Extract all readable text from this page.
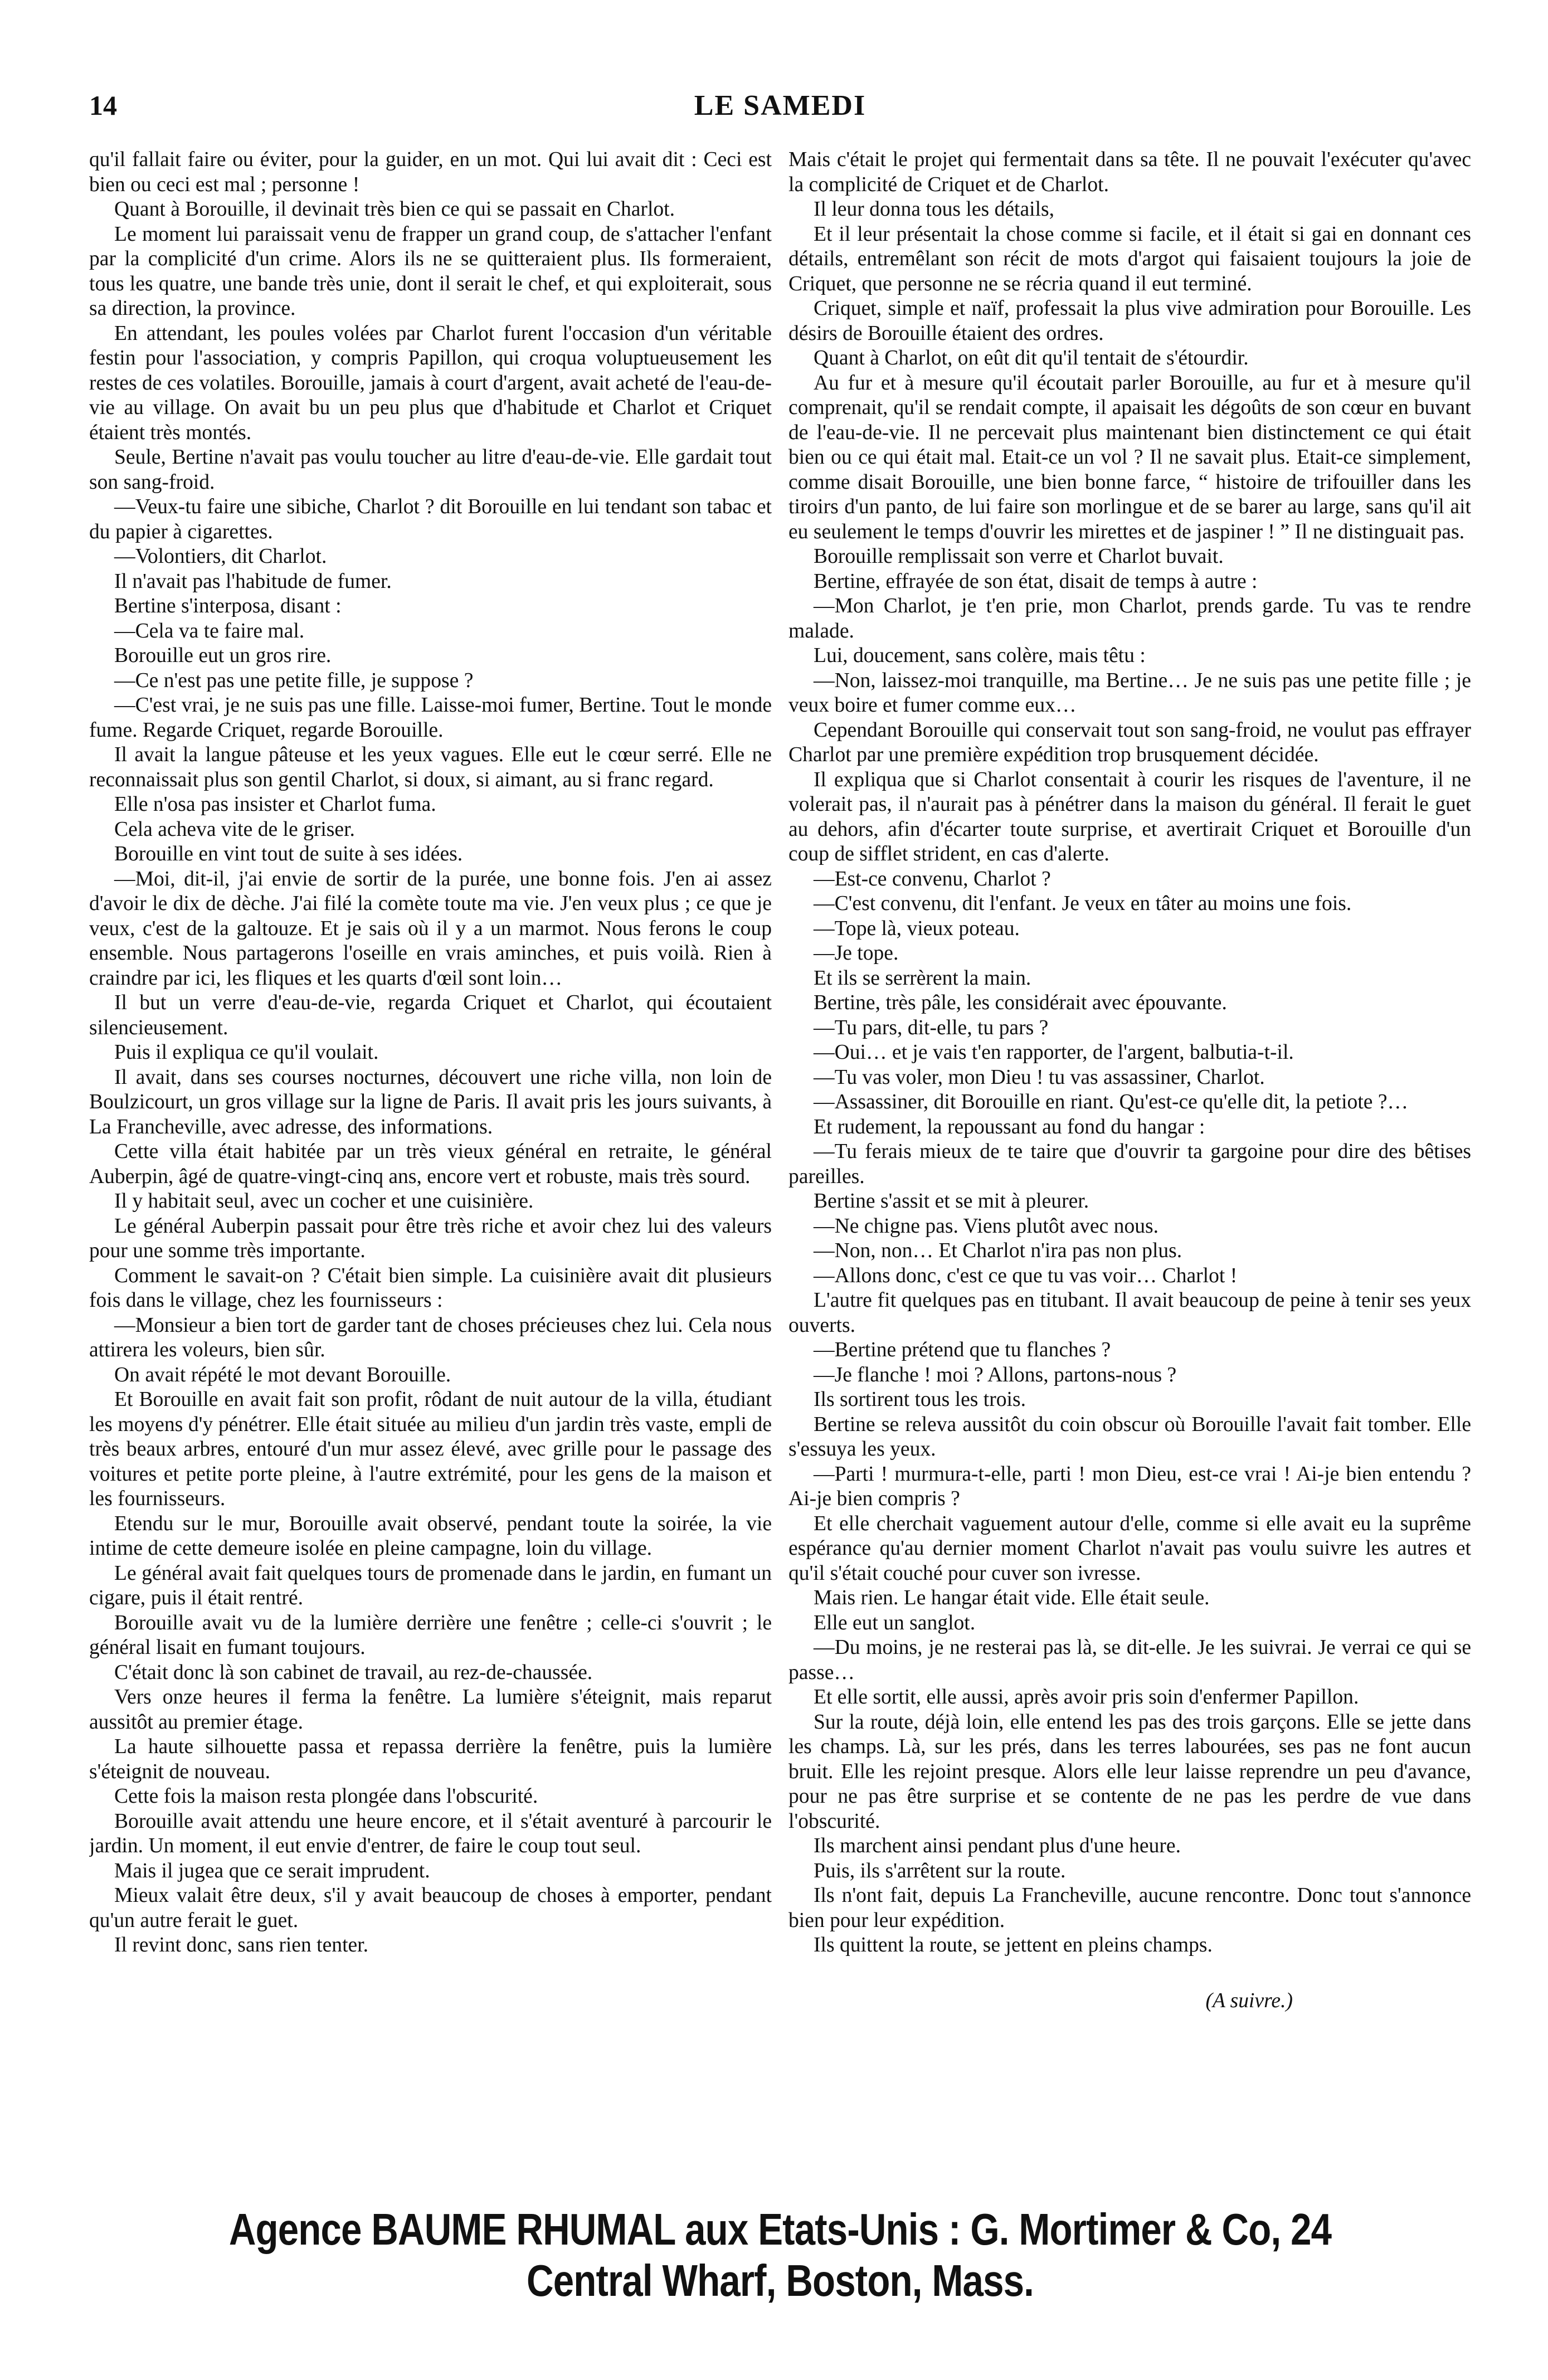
14	LE SAMEDI

qu'il fallait faire ou éviter, pour la guider, en un mot. Qui lui avait dit : Ceci est bien ou ceci est mal ; personne !

Quant à Borouille, il devinait très bien ce qui se passait en Charlot.

Le moment lui paraissait venu de frapper un grand coup, de s'attacher l'enfant par la complicité d'un crime. Alors ils ne se quitteraient plus. Ils formeraient, tous les quatre, une bande très unie, dont il serait le chef, et qui exploiterait, sous sa direction, la province.

En attendant, les poules volées par Charlot furent l'occasion d'un véritable festin pour l'association, y compris Papillon, qui croqua voluptueusement les restes de ces volatiles. Borouille, jamais à court d'argent, avait acheté de l'eau-de-vie au village. On avait bu un peu plus que d'habitude et Charlot et Criquet étaient très montés.

Seule, Bertine n'avait pas voulu toucher au litre d'eau-de-vie. Elle gardait tout son sang-froid.

—Veux-tu faire une sibiche, Charlot ? dit Borouille en lui tendant son tabac et du papier à cigarettes.

—Volontiers, dit Charlot.

Il n'avait pas l'habitude de fumer.

Bertine s'interposa, disant :

—Cela va te faire mal.

Borouille eut un gros rire.

—Ce n'est pas une petite fille, je suppose ?

—C'est vrai, je ne suis pas une fille. Laisse-moi fumer, Bertine. Tout le monde fume. Regarde Criquet, regarde Borouille.

Il avait la langue pâteuse et les yeux vagues. Elle eut le cœur serré. Elle ne reconnaissait plus son gentil Charlot, si doux, si aimant, au si franc regard.

Elle n'osa pas insister et Charlot fuma.

Cela acheva vite de le griser.

Borouille en vint tout de suite à ses idées.

—Moi, dit-il, j'ai envie de sortir de la purée, une bonne fois. J'en ai assez d'avoir le dix de dèche. J'ai filé la comète toute ma vie. J'en veux plus ; ce que je veux, c'est de la galtouze. Et je sais où il y a un marmot. Nous ferons le coup ensemble. Nous partagerons l'oseille en vrais aminches, et puis voilà. Rien à craindre par ici, les fliques et les quarts d'œil sont loin…

Il but un verre d'eau-de-vie, regarda Criquet et Charlot, qui écoutaient silencieusement.

Puis il expliqua ce qu'il voulait.

Il avait, dans ses courses nocturnes, découvert une riche villa, non loin de Boulzicourt, un gros village sur la ligne de Paris. Il avait pris les jours suivants, à La Francheville, avec adresse, des informations.

Cette villa était habitée par un très vieux général en retraite, le général Auberpin, âgé de quatre-vingt-cinq ans, encore vert et robuste, mais très sourd.

Il y habitait seul, avec un cocher et une cuisinière.

Le général Auberpin passait pour être très riche et avoir chez lui des valeurs pour une somme très importante.

Comment le savait-on ? C'était bien simple. La cuisinière avait dit plusieurs fois dans le village, chez les fournisseurs :

—Monsieur a bien tort de garder tant de choses précieuses chez lui. Cela nous attirera les voleurs, bien sûr.

On avait répété le mot devant Borouille.

Et Borouille en avait fait son profit, rôdant de nuit autour de la villa, étudiant les moyens d'y pénétrer. Elle était située au milieu d'un jardin très vaste, empli de très beaux arbres, entouré d'un mur assez élevé, avec grille pour le passage des voitures et petite porte pleine, à l'autre extrémité, pour les gens de la maison et les fournisseurs.

Etendu sur le mur, Borouille avait observé, pendant toute la soirée, la vie intime de cette demeure isolée en pleine campagne, loin du village.

Le général avait fait quelques tours de promenade dans le jardin, en fumant un cigare, puis il était rentré.

Borouille avait vu de la lumière derrière une fenêtre ; celle-ci s'ouvrit ; le général lisait en fumant toujours.

C'était donc là son cabinet de travail, au rez-de-chaussée.

Vers onze heures il ferma la fenêtre. La lumière s'éteignit, mais reparut aussitôt au premier étage.

La haute silhouette passa et repassa derrière la fenêtre, puis la lumière s'éteignit de nouveau.

Cette fois la maison resta plongée dans l'obscurité.

Borouille avait attendu une heure encore, et il s'était aventuré à parcourir le jardin. Un moment, il eut envie d'entrer, de faire le coup tout seul.

Mais il jugea que ce serait imprudent.

Mieux valait être deux, s'il y avait beaucoup de choses à emporter, pendant qu'un autre ferait le guet.

Il revint donc, sans rien tenter.

Mais c'était le projet qui fermentait dans sa tête. Il ne pouvait l'exécuter qu'avec la complicité de Criquet et de Charlot.

Il leur donna tous les détails,

Et il leur présentait la chose comme si facile, et il était si gai en donnant ces détails, entremêlant son récit de mots d'argot qui faisaient toujours la joie de Criquet, que personne ne se récria quand il eut terminé.

Criquet, simple et naïf, professait la plus vive admiration pour Borouille. Les désirs de Borouille étaient des ordres.

Quant à Charlot, on eût dit qu'il tentait de s'étourdir.

Au fur et à mesure qu'il écoutait parler Borouille, au fur et à mesure qu'il comprenait, qu'il se rendait compte, il apaisait les dégoûts de son cœur en buvant de l'eau-de-vie. Il ne percevait plus maintenant bien distinctement ce qui était bien ou ce qui était mal. Etait-ce un vol ? Il ne savait plus. Etait-ce simplement, comme disait Borouille, une bien bonne farce, “ histoire de trifouiller dans les tiroirs d'un panto, de lui faire son morlingue et de se barer au large, sans qu'il ait eu seulement le temps d'ouvrir les mirettes et de jaspiner ! ” Il ne distinguait pas.

Borouille remplissait son verre et Charlot buvait.

Bertine, effrayée de son état, disait de temps à autre :

—Mon Charlot, je t'en prie, mon Charlot, prends garde. Tu vas te rendre malade.

Lui, doucement, sans colère, mais têtu :

—Non, laissez-moi tranquille, ma Bertine… Je ne suis pas une petite fille ; je veux boire et fumer comme eux…

Cependant Borouille qui conservait tout son sang-froid, ne voulut pas effrayer Charlot par une première expédition trop brusquement décidée.

Il expliqua que si Charlot consentait à courir les risques de l'aventure, il ne volerait pas, il n'aurait pas à pénétrer dans la maison du général. Il ferait le guet au dehors, afin d'écarter toute surprise, et avertirait Criquet et Borouille d'un coup de sifflet strident, en cas d'alerte.

—Est-ce convenu, Charlot ?

—C'est convenu, dit l'enfant. Je veux en tâter au moins une fois.

—Tope là, vieux poteau.

—Je tope.

Et ils se serrèrent la main.

Bertine, très pâle, les considérait avec épouvante.

—Tu pars, dit-elle, tu pars ?

—Oui… et je vais t'en rapporter, de l'argent, balbutia-t-il.

—Tu vas voler, mon Dieu ! tu vas assassiner, Charlot.

—Assassiner, dit Borouille en riant. Qu'est-ce qu'elle dit, la petiote ?…

Et rudement, la repoussant au fond du hangar :

—Tu ferais mieux de te taire que d'ouvrir ta gargoine pour dire des bêtises pareilles.

Bertine s'assit et se mit à pleurer.

—Ne chigne pas. Viens plutôt avec nous.

—Non, non… Et Charlot n'ira pas non plus.

—Allons donc, c'est ce que tu vas voir… Charlot !

L'autre fit quelques pas en titubant. Il avait beaucoup de peine à tenir ses yeux ouverts.

—Bertine prétend que tu flanches ?

—Je flanche ! moi ? Allons, partons-nous ?

Ils sortirent tous les trois.

Bertine se releva aussitôt du coin obscur où Borouille l'avait fait tomber. Elle s'essuya les yeux.

—Parti ! murmura-t-elle, parti ! mon Dieu, est-ce vrai ! Ai-je bien entendu ? Ai-je bien compris ?

Et elle cherchait vaguement autour d'elle, comme si elle avait eu la suprême espérance qu'au dernier moment Charlot n'avait pas voulu suivre les autres et qu'il s'était couché pour cuver son ivresse.

Mais rien. Le hangar était vide. Elle était seule.

Elle eut un sanglot.

—Du moins, je ne resterai pas là, se dit-elle. Je les suivrai. Je verrai ce qui se passe…

Et elle sortit, elle aussi, après avoir pris soin d'enfermer Papillon.

Sur la route, déjà loin, elle entend les pas des trois garçons. Elle se jette dans les champs. Là, sur les prés, dans les terres labourées, ses pas ne font aucun bruit. Elle les rejoint presque. Alors elle leur laisse reprendre un peu d'avance, pour ne pas être surprise et se contente de ne pas les perdre de vue dans l'obscurité.

Ils marchent ainsi pendant plus d'une heure.

Puis, ils s'arrêtent sur la route.

Ils n'ont fait, depuis La Francheville, aucune rencontre. Donc tout s'annonce bien pour leur expédition.

Ils quittent la route, se jettent en pleins champs.

(A suivre.)

Agence BAUME RHUMAL aux Etats-Unis : G. Mortimer & Co, 24 Central Wharf, Boston, Mass.
